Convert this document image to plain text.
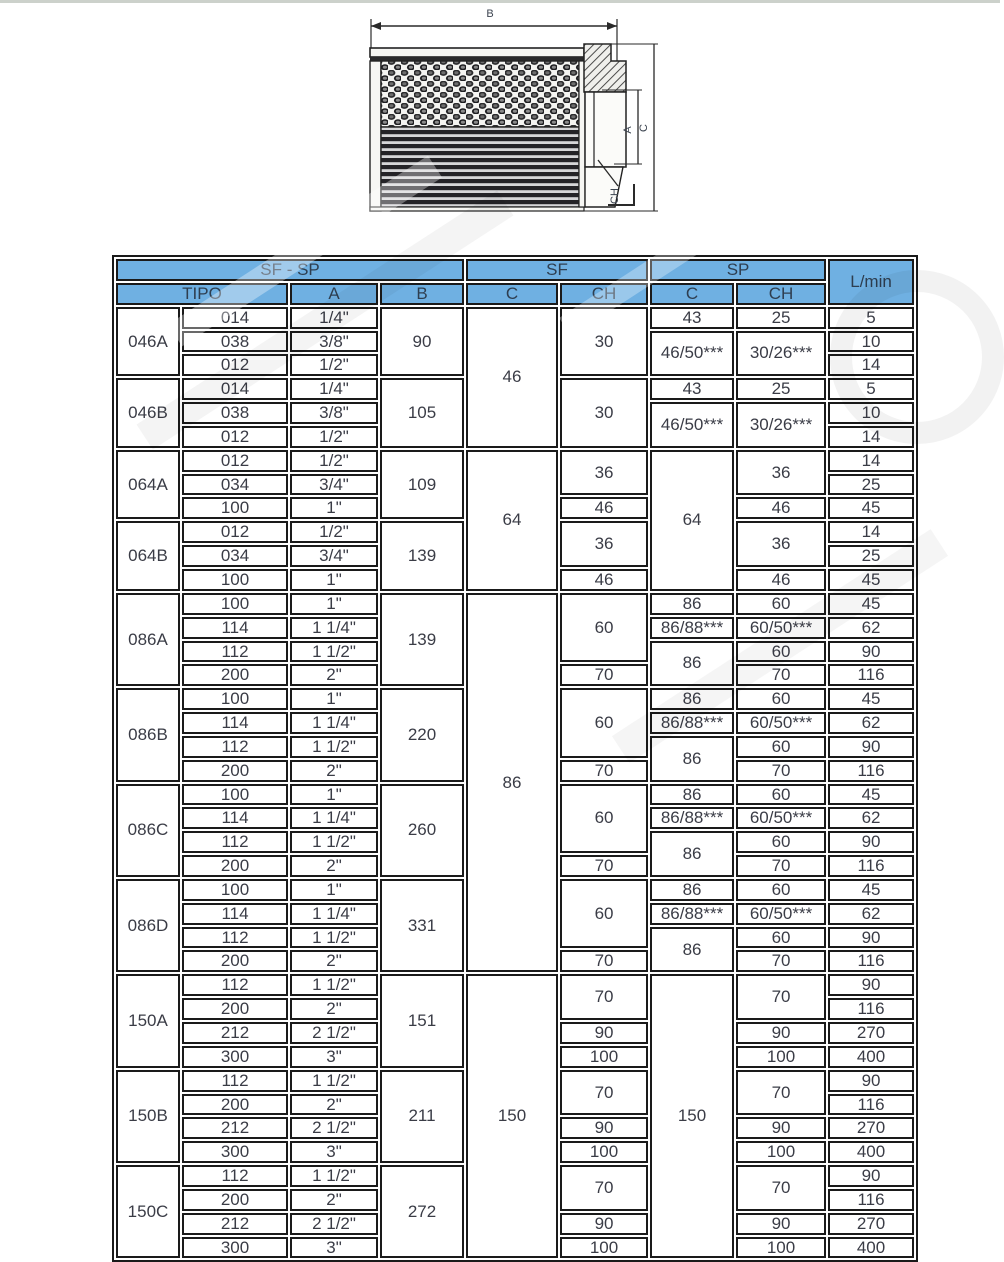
B
C
A
CH
SF - SP				SF		SP		L/min
TIPO		A	B	C	CH	C	CH	
046A	014	1/4"	90	46	30	43	25	5
	038	3/8"				46/50***	30/26***	10
	012	1/2"						14
046B	014	1/4"	105		30	43	25	5
	038	3/8"				46/50***	30/26***	10
	012	1/2"						14
064A	012	1/2"	109	64	36	64	36	14
	034	3/4"						25
	100	1"			46		46	45
064B	012	1/2"	139		36		36	14
	034	3/4"						25
	100	1"			46		46	45
086A	100	1"	139	86	60	86	60	45
	114	1 1/4"				86/88***	60/50***	62
	112	1 1/2"				86	60	90
	200	2"			70		70	116
086B	100	1"	220		60	86	60	45
	114	1 1/4"				86/88***	60/50***	62
	112	1 1/2"				86	60	90
	200	2"			70		70	116
086C	100	1"	260		60	86	60	45
	114	1 1/4"				86/88***	60/50***	62
	112	1 1/2"				86	60	90
	200	2"			70		70	116
086D	100	1"	331		60	86	60	45
	114	1 1/4"				86/88***	60/50***	62
	112	1 1/2"				86	60	90
	200	2"			70		70	116
150A	112	1 1/2"	151	150	70	150	70	90
	200	2"						116
	212	2 1/2"			90		90	270
	300	3"			100		100	400
150B	112	1 1/2"	211		70		70	90
	200	2"						116
	212	2 1/2"			90		90	270
	300	3"			100		100	400
150C	112	1 1/2"	272		70		70	90
	200	2"						116
	212	2 1/2"			90		90	270
	300	3"			100		100	400
